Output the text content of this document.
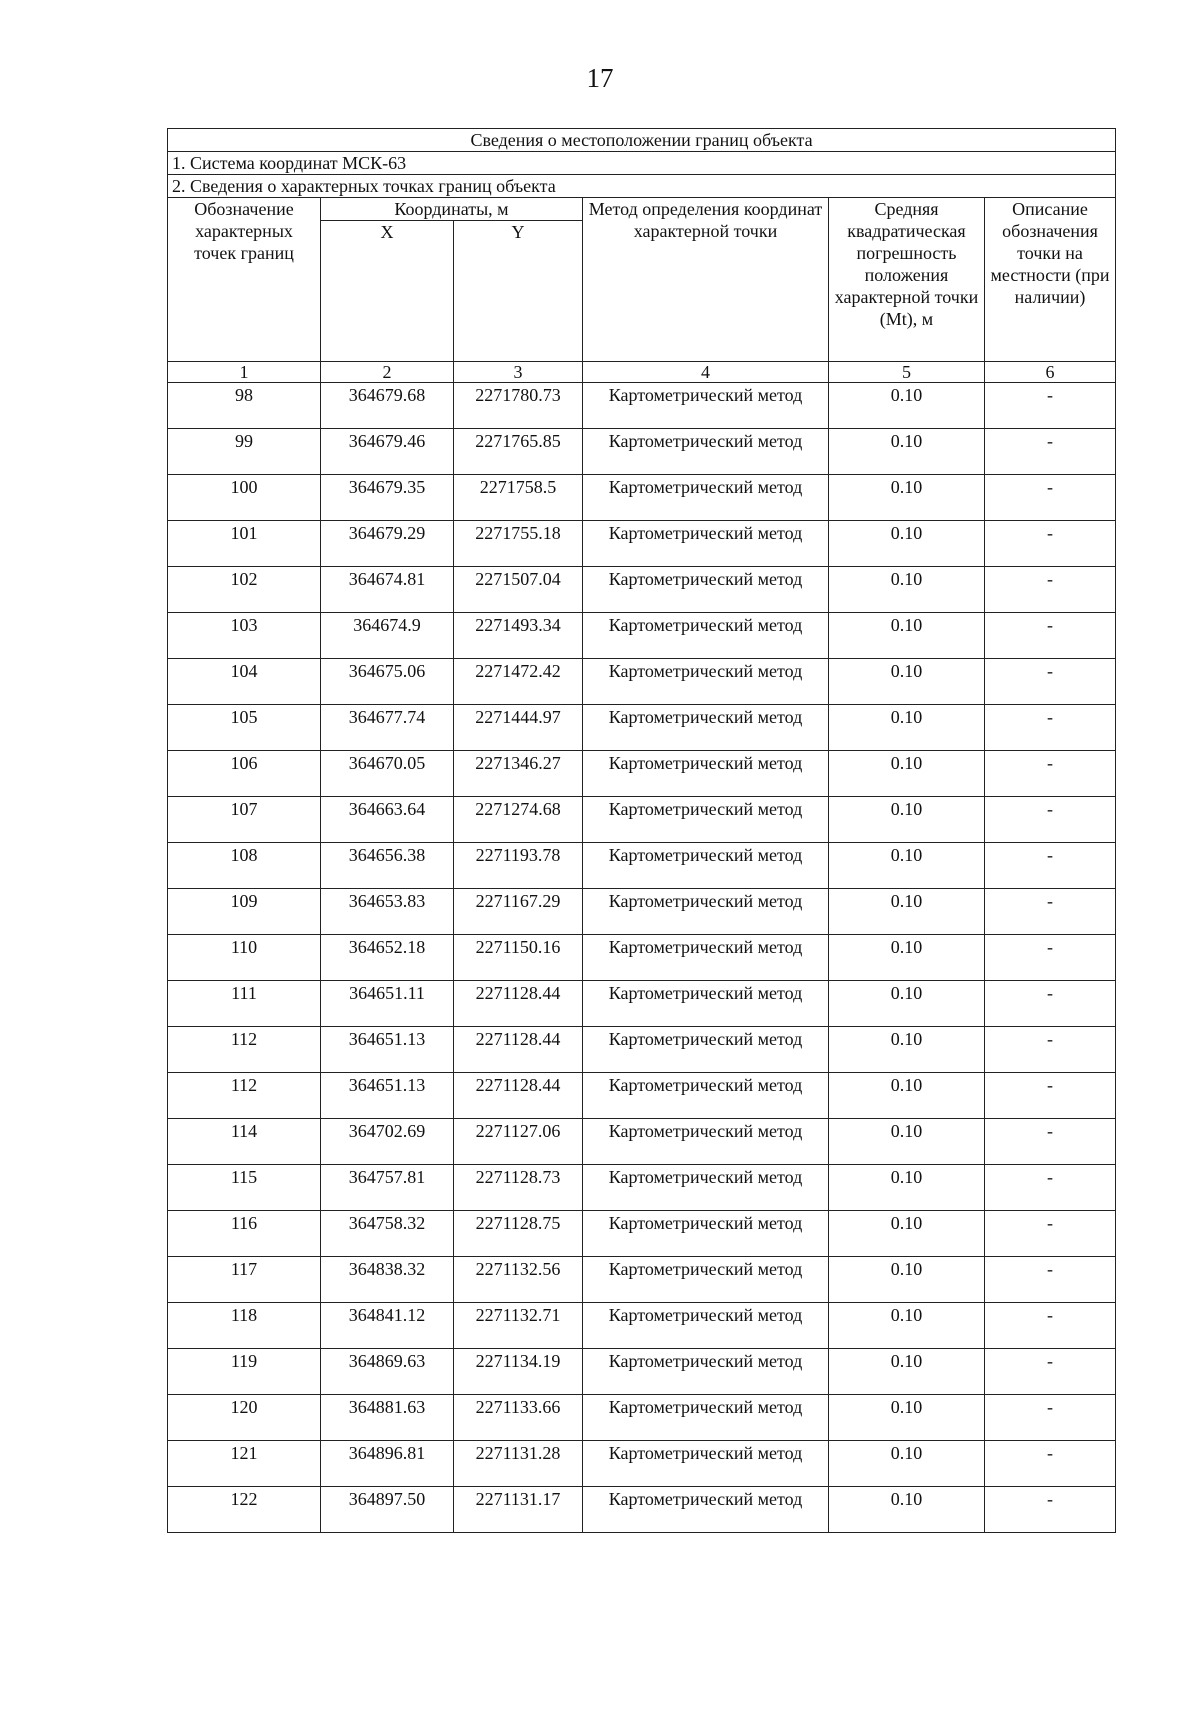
17
Сведения о местоположении границ объекта					
1. Система координат МСК-63					
2. Сведения о характерных точках границ объекта					
Обозначение характерных точек границ	Координаты, м		Метод определения координат характерной точки	Средняя квадратическая погрешность положения характерной точки (Mt), м	Описание обозначения точки на местности (при наличии)
	X	Y			
1	2	3	4	5	6
98	364679.68	2271780.73	Картометрический метод	0.10	-
99	364679.46	2271765.85	Картометрический метод	0.10	-
100	364679.35	2271758.5	Картометрический метод	0.10	-
101	364679.29	2271755.18	Картометрический метод	0.10	-
102	364674.81	2271507.04	Картометрический метод	0.10	-
103	364674.9	2271493.34	Картометрический метод	0.10	-
104	364675.06	2271472.42	Картометрический метод	0.10	-
105	364677.74	2271444.97	Картометрический метод	0.10	-
106	364670.05	2271346.27	Картометрический метод	0.10	-
107	364663.64	2271274.68	Картометрический метод	0.10	-
108	364656.38	2271193.78	Картометрический метод	0.10	-
109	364653.83	2271167.29	Картометрический метод	0.10	-
110	364652.18	2271150.16	Картометрический метод	0.10	-
111	364651.11	2271128.44	Картометрический метод	0.10	-
112	364651.13	2271128.44	Картометрический метод	0.10	-
112	364651.13	2271128.44	Картометрический метод	0.10	-
114	364702.69	2271127.06	Картометрический метод	0.10	-
115	364757.81	2271128.73	Картометрический метод	0.10	-
116	364758.32	2271128.75	Картометрический метод	0.10	-
117	364838.32	2271132.56	Картометрический метод	0.10	-
118	364841.12	2271132.71	Картометрический метод	0.10	-
119	364869.63	2271134.19	Картометрический метод	0.10	-
120	364881.63	2271133.66	Картометрический метод	0.10	-
121	364896.81	2271131.28	Картометрический метод	0.10	-
122	364897.50	2271131.17	Картометрический метод	0.10	-
